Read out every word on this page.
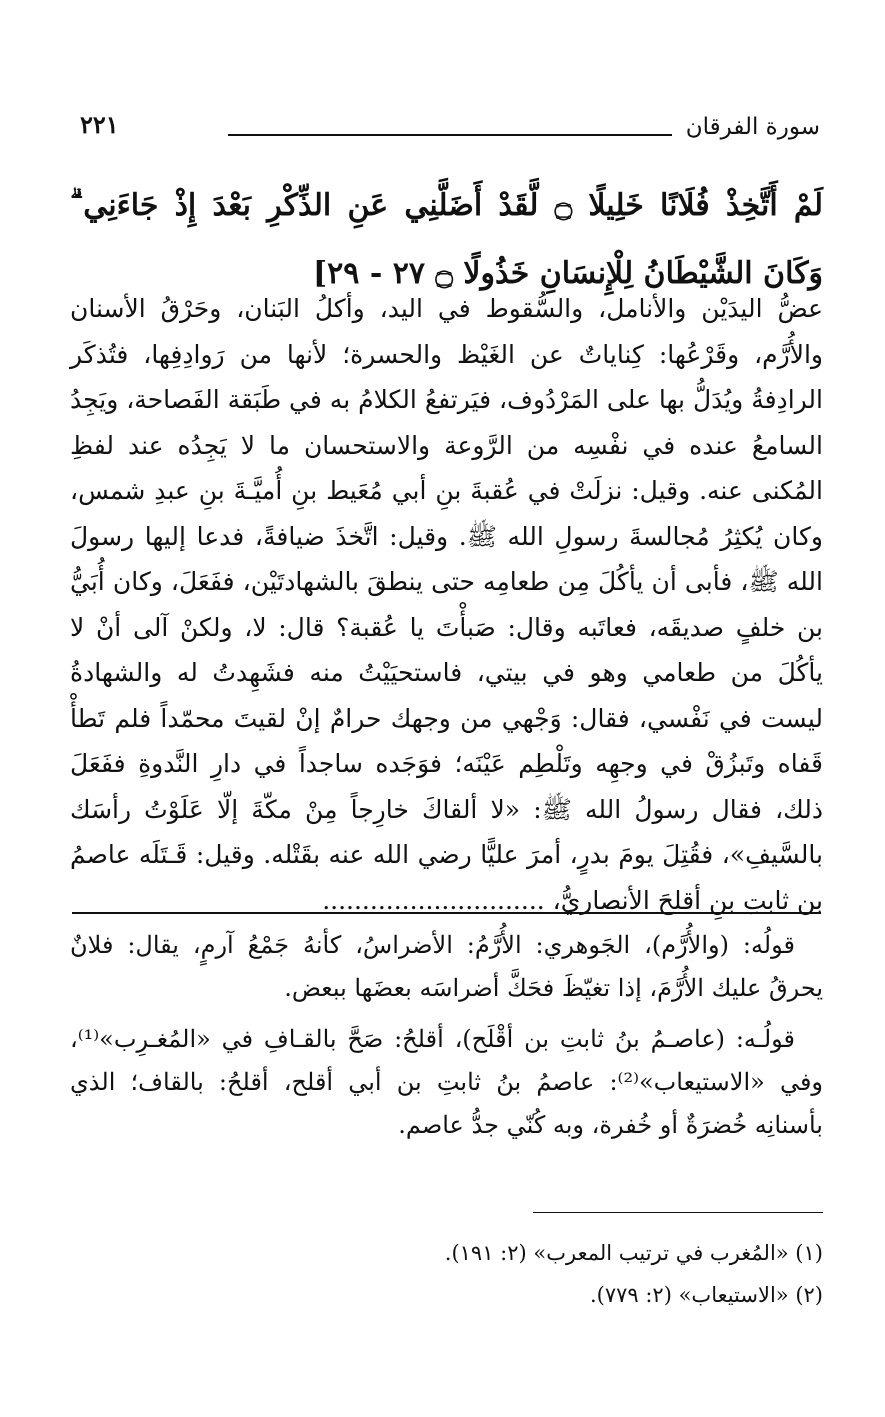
سورة الفرقان
٢٢١
لَمْ أَتَّخِذْ فُلَانًا خَلِيلًا ۝ لَّقَدْ أَضَلَّنِي عَنِ الذِّكْرِ بَعْدَ إِذْ جَاءَنِي ۗ وَكَانَ الشَّيْطَانُ لِلْإِنسَانِ خَذُولًا ۝ ٢٧ - ٢٩]
عضُّ اليدَيْن والأنامل، والسُّقوط في اليد، وأكلُ البَنان، وحَرْقُ الأسنان والأُرَّم، وقَرْعُها: كِناياتٌ عن الغَيْظ والحسرة؛ لأنها من رَوادِفِها، فتُذكَر الرادِفةُ ويُدَلُّ بها على المَرْدُوف، فيَرتفعُ الكلامُ به في طَبَقة الفَصاحة، ويَجِدُ السامعُ عنده في نفْسِه من الرَّوعة والاستحسان ما لا يَجِدُه عند لفظِ المُكنى عنه. وقيل: نزلَتْ في عُقبةَ بنِ أبي مُعَيط بنِ أُميَّـةَ بنِ عبدِ شمس، وكان يُكثِرُ مُجالسةَ رسولِ الله ﷺ. وقيل: اتَّخذَ ضيافةً، فدعا إليها رسولَ الله ﷺ، فأبى أن يأكُلَ مِن طعامِه حتى ينطقَ بالشهادتَيْن، ففَعَلَ، وكان أُبَيُّ بن خلفٍ صديقَه، فعاتَبه وقال: صَبأْتَ يا عُقبة؟ قال: لا، ولكنْ آلى أنْ لا يأكُلَ من طعامي وهو في بيتي، فاستحيَيْتُ منه فشَهِدتُ له والشهادةُ ليست في نَفْسي، فقال: وَجْهي من وجهك حرامٌ إنْ لقيتَ محمّداً فلم تَطأْ قَفاه وتَبزُقْ في وجهِه وتَلْطِم عَيْنَه؛ فوَجَده ساجداً في دارِ النَّدوةِ ففَعَلَ ذلك، فقال رسولُ الله ﷺ: «لا ألقاكَ خارِجاً مِنْ مكّةَ إلّا عَلَوْتُ رأسَك بالسَّيفِ»، فقُتِلَ يومَ بدرٍ، أمرَ عليًّا رضي الله عنه بقَتْله. وقيل: قَـتَلَه عاصمُ بن ثابتِ بنِ أقلحَ الأنصاريُّ، ............................

قولُه: (والأُرَّم)، الجَوهري: الأُرَّمُ: الأضراسُ، كأنهُ جَمْعُ آرمٍ، يقال: فلانٌ يحرقُ عليك الأُرَّمَ، إذا تغيّظَ فحَكَّ أضراسَه بعضَها ببعض.

قولُـه: (عاصـمُ بنُ ثابتِ بن أقْلَح)، أقلحُ: صَحَّ بالقـافِ في «المُغـرِب»⁽¹⁾، وفي «الاستيعاب»⁽²⁾: عاصمُ بنُ ثابتِ بن أبي أقلح، أقلحُ: بالقاف؛ الذي بأسنانِه خُضرَةٌ أو خُفرة، وبه كُنّي جدُّ عاصم.

(١) «المُغرب في ترتيب المعرب» (٢: ١٩١).
(٢) «الاستيعاب» (٢: ٧٧٩).
